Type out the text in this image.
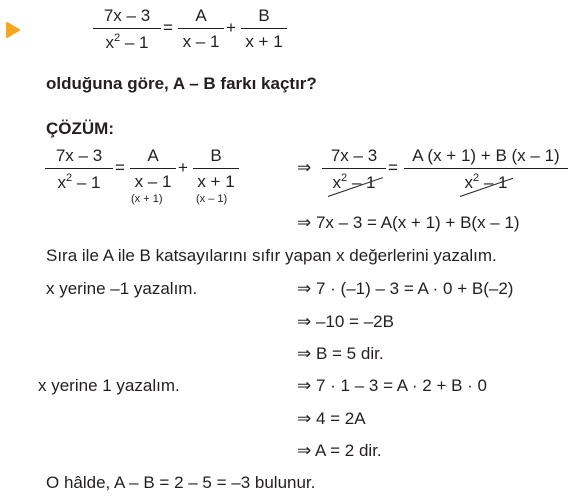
7x – 3
$x^2 - 1$
=
A
x – 1
+
B
x + 1
olduğuna göre, A – B farkı kaçtır?
ÇÖZÜM:
7x – 3
$x^2 - 1$
=
A
x – 1
(x + 1)
+
B
x + 1
(x – 1)
⇒
7x – 3
$x^2 - 1$
=
A (x + 1) + B (x – 1)
$x^2 - 1$
⇒ 7x – 3 = A(x + 1) + B(x – 1)
Sıra ile A ile B katsayılarını sıfır yapan x değerlerini yazalım.
x yerine –1 yazalım.	⇒ 7 · (–1) – 3 = A · 0 + B(–2)
⇒ –10 = –2B
⇒ B = 5 dir.
x yerine 1 yazalım.	⇒ 7 · 1 – 3 = A · 2 + B · 0
⇒ 4 = 2A
⇒ A = 2 dir.
O hâlde, A – B = 2 – 5 = –3 bulunur.
